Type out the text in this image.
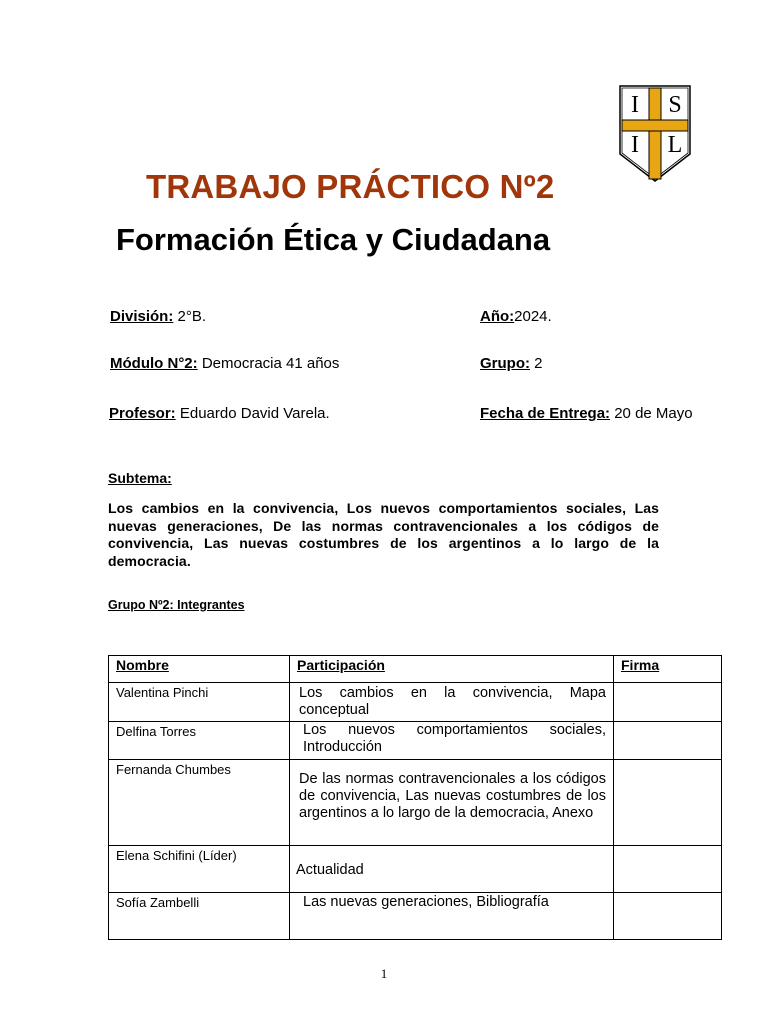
I S
I L
TRABAJO PRÁCTICO Nº2
Formación Ética y Ciudadana
División: 2°B.	Año:2024.
Módulo N°2: Democracia 41 años	Grupo: 2
Profesor: Eduardo David Varela.	Fecha de Entrega: 20 de Mayo
Subtema:
Los cambios en la convivencia, Los nuevos comportamientos sociales, Las nuevas generaciones, De las normas contravencionales a los códigos de convivencia, Las nuevas costumbres de los argentinos a lo largo de la democracia.
Grupo Nº2: Integrantes
Nombre	Participación	Firma
Valentina Pinchi	Los cambios en la convivencia, Mapa conceptual	

Delfina Torres	Los nuevos comportamientos sociales, Introducción	

Fernanda Chumbes	De las normas contravencionales a los códigos de convivencia, Las nuevas costumbres de los argentinos a lo largo de la democracia, Anexo	

Elena Schifini (Líder)	Actualidad	

Sofía Zambelli	Las nuevas generaciones, Bibliografía	

1
